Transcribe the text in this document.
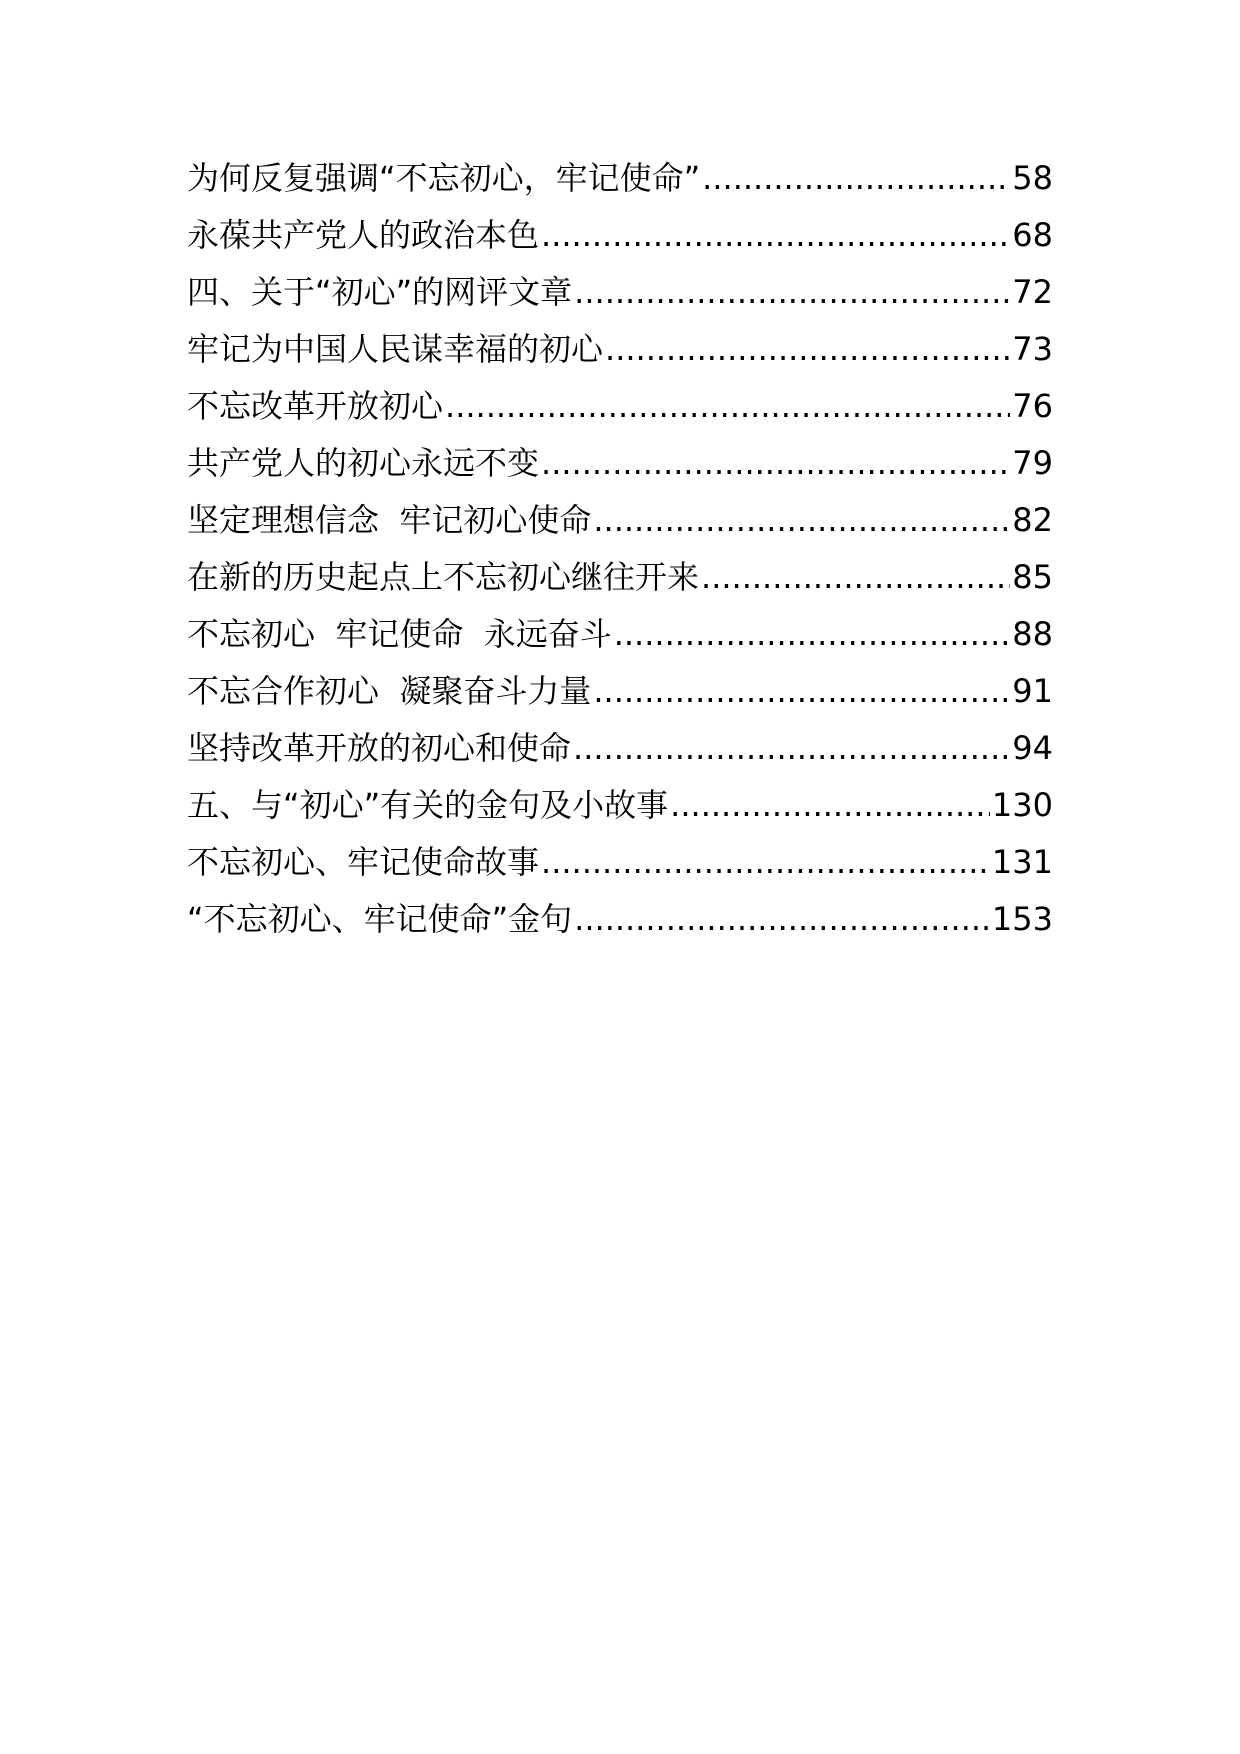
为何反复强调“不忘初心，牢记使命” .....	58
永葆共产党人的政治本色 .....	68
四、关于“初心”的网评文章 .....	72
牢记为中国人民谋幸福的初心 .....	73
不忘改革开放初心 .....	76
共产党人的初心永远不变 .....	79
坚定理想信念  牢记初心使命 .....	82
在新的历史起点上不忘初心继往开来 .....	85
不忘初心  牢记使命  永远奋斗 .....	88
不忘合作初心  凝聚奋斗力量 .....	91
坚持改革开放的初心和使命 .....	94
五、与“初心”有关的金句及小故事 .....	130
不忘初心、牢记使命故事 .....	131
“不忘初心、牢记使命”金句 .....	153
